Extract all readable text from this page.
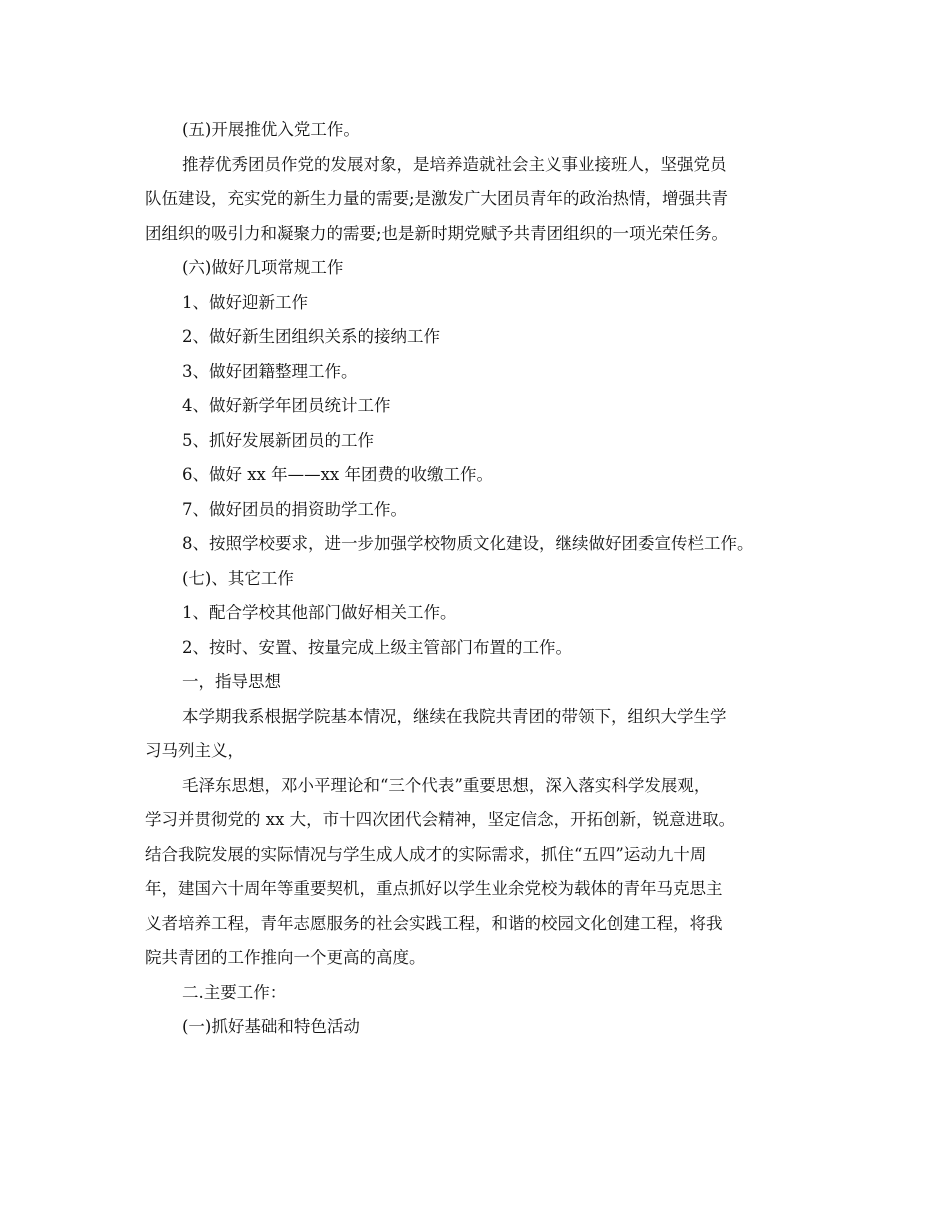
(五)开展推优入党工作。

推荐优秀团员作党的发展对象，是培养造就社会主义事业接班人，坚强党员

队伍建设，充实党的新生力量的需要;是激发广大团员青年的政治热情，增强共青

团组织的吸引力和凝聚力的需要;也是新时期党赋予共青团组织的一项光荣任务。

(六)做好几项常规工作

1、做好迎新工作

2、做好新生团组织关系的接纳工作

3、做好团籍整理工作。

4、做好新学年团员统计工作

5、抓好发展新团员的工作

6、做好 xx 年——xx 年团费的收缴工作。

7、做好团员的捐资助学工作。

8、按照学校要求，进一步加强学校物质文化建设，继续做好团委宣传栏工作。

(七)、其它工作

1、配合学校其他部门做好相关工作。

2、按时、安置、按量完成上级主管部门布置的工作。

一，指导思想

本学期我系根据学院基本情况，继续在我院共青团的带领下，组织大学生学

习马列主义，

毛泽东思想，邓小平理论和“三个代表”重要思想，深入落实科学发展观，

学习并贯彻党的 xx 大，市十四次团代会精神，坚定信念，开拓创新，锐意进取。

结合我院发展的实际情况与学生成人成才的实际需求，抓住“五四”运动九十周

年，建国六十周年等重要契机，重点抓好以学生业余党校为载体的青年马克思主

义者培养工程，青年志愿服务的社会实践工程，和谐的校园文化创建工程，将我

院共青团的工作推向一个更高的高度。

二.主要工作：

(一)抓好基础和特色活动
